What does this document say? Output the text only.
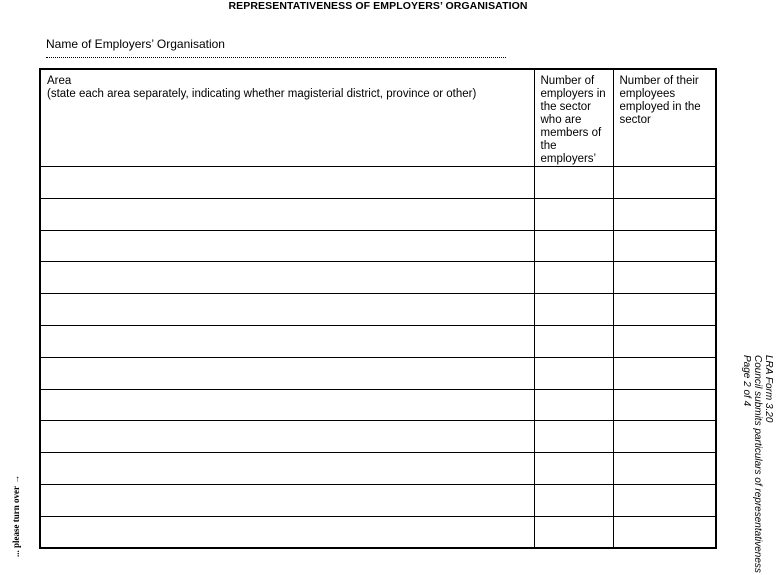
REPRESENTATIVENESS OF EMPLOYERS’ ORGANISATION
Name of Employers’ Organisation
Area
(state each area separately, indicating whether magisterial district, province or other)	Number of employers in the sector who are members of the employers’	Number of their employees employed in the sector

LRA Form 3.20
Council submits particulars of representativeness
Page 2 of 4
... please turn over →
